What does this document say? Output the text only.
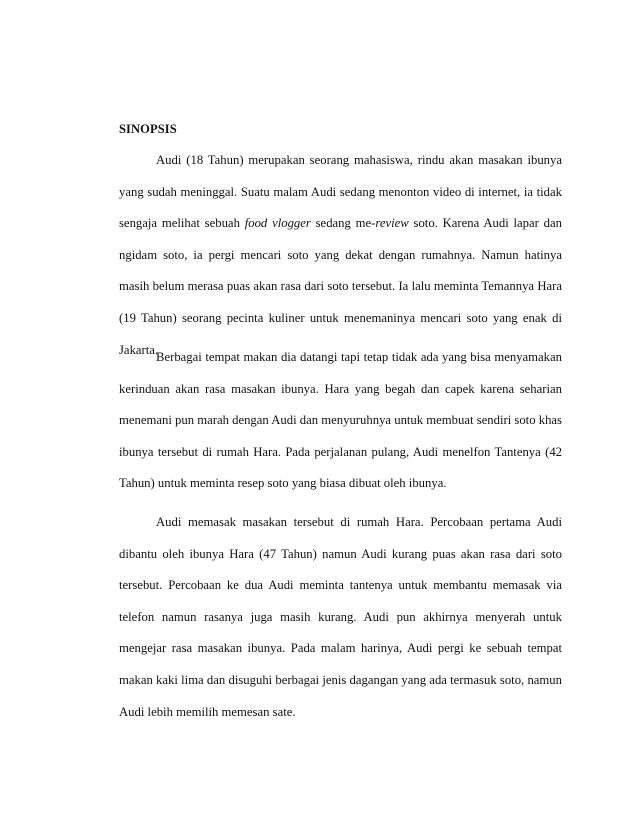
SINOPSIS

Audi (18 Tahun) merupakan seorang mahasiswa, rindu akan masakan ibunya yang sudah meninggal. Suatu malam Audi sedang menonton video di internet, ia tidak sengaja melihat sebuah food vlogger sedang me-review soto. Karena Audi lapar dan ngidam soto, ia pergi mencari soto yang dekat dengan rumahnya. Namun hatinya masih belum merasa puas akan rasa dari soto tersebut. Ia lalu meminta Temannya Hara (19 Tahun) seorang pecinta kuliner untuk menemaninya mencari soto yang enak di Jakarta.

Berbagai tempat makan dia datangi tapi tetap tidak ada yang bisa menyamakan kerinduan akan rasa masakan ibunya. Hara yang begah dan capek karena seharian menemani pun marah dengan Audi dan menyuruhnya untuk membuat sendiri soto khas ibunya tersebut di rumah Hara. Pada perjalanan pulang, Audi menelfon Tantenya (42 Tahun) untuk meminta resep soto yang biasa dibuat oleh ibunya.

Audi memasak masakan tersebut di rumah Hara. Percobaan pertama Audi dibantu oleh ibunya Hara (47 Tahun) namun Audi kurang puas akan rasa dari soto tersebut. Percobaan ke dua Audi meminta tantenya untuk membantu memasak via telefon namun rasanya juga masih kurang. Audi pun akhirnya menyerah untuk mengejar rasa masakan ibunya. Pada malam harinya, Audi pergi ke sebuah tempat makan kaki lima dan disuguhi berbagai jenis dagangan yang ada termasuk soto, namun Audi lebih memilih memesan sate.
